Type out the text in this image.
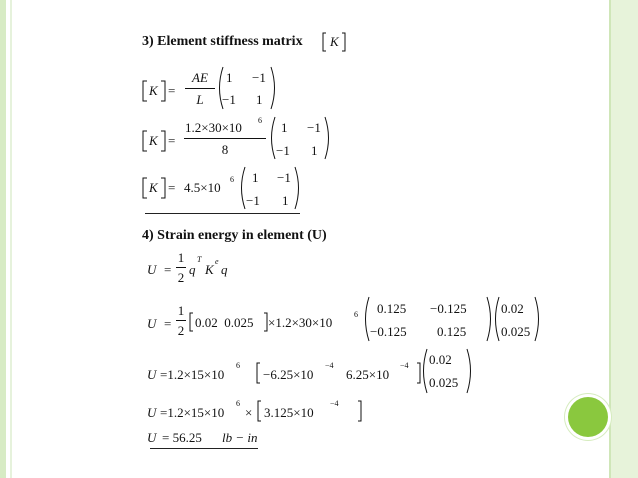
3) Element stiffness matrix K
K =
AE
L
1 −1
−1 1
K =
1.2×30×10 6
8
1 −1
−1 1
K = 4.5×10
6 1 −1
−1 1
4) Strain energy in element (U)
U =
1
2
q
T
K
e
q
U =
1
2
0.02  0.025 ×1.2×30×10
6 0.125 −0.125
−0.125 0.125
0.02
0.025
U =1.2×15×10
6
−6.25×10
−4
6.25×10
−4 0.02
0.025
U =1.2×15×10
6
× 3.125×10
−4
U = 56.25 lb − in
